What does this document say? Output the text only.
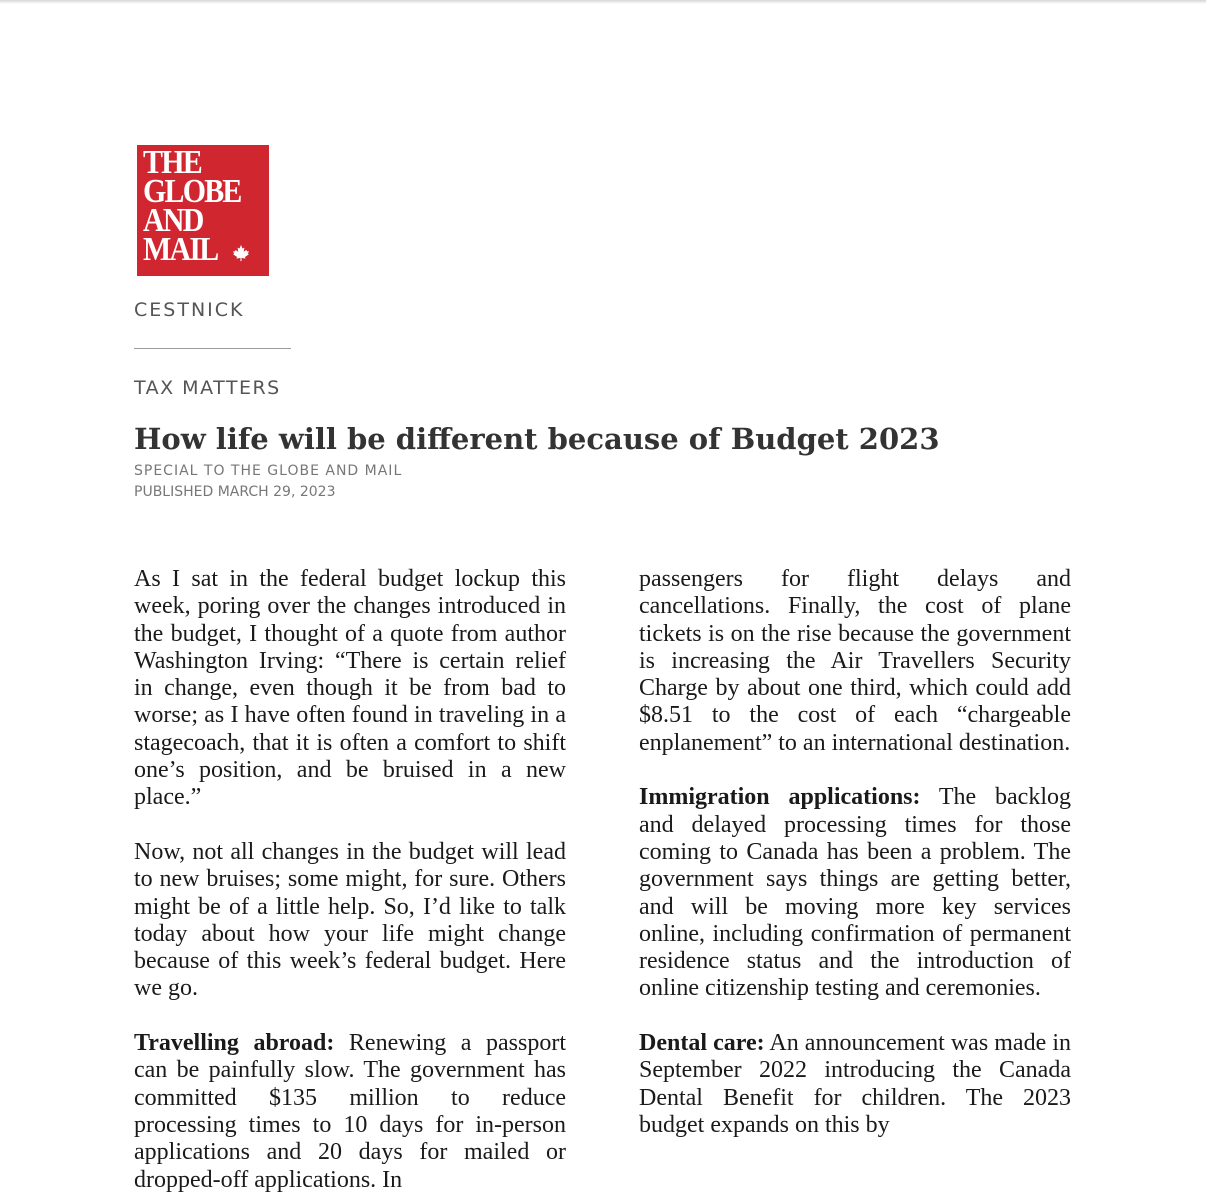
THE
GLOBE
AND
MAIL
CESTNICK
TAX MATTERS
How life will be different because of Budget 2023
SPECIAL TO THE GLOBE AND MAIL
PUBLISHED MARCH 29, 2023

As I sat in the federal budget lockup this week, poring over the changes introduced in the budget, I thought of a quote from author Washington Irving: “There is certain relief in change, even though it be from bad to worse; as I have often found in traveling in a stagecoach, that it is often a comfort to shift one’s position, and be bruised in a new place.”

Now, not all changes in the budget will lead to new bruises; some might, for sure. Others might be of a little help. So, I’d like to talk today about how your life might change because of this week’s federal budget. Here we go.

Travelling abroad: Renewing a passport can be painfully slow. The government has committed $135 million to reduce processing times to 10 days for in-person applications and 20 days for mailed or dropped-off applications. In

passengers for flight delays and cancellations. Finally, the cost of plane tickets is on the rise because the government is increasing the Air Travellers Security Charge by about one third, which could add $8.51 to the cost of each “chargeable enplanement” to an international destination.

Immigration applications: The backlog and delayed processing times for those coming to Canada has been a problem. The government says things are getting better, and will be moving more key services online, including confirmation of permanent residence status and the introduction of online citizenship testing and ceremonies.

Dental care: An announcement was made in September 2022 introducing the Canada Dental Benefit for children. The 2023 budget expands on this by
